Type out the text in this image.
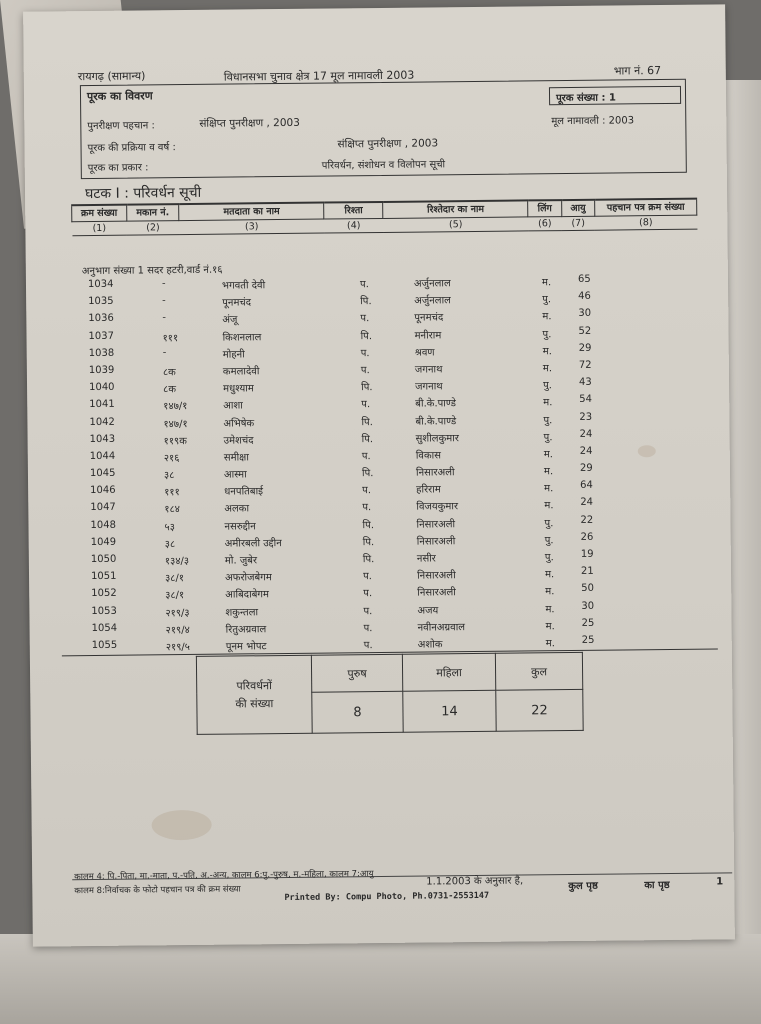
रायगढ़ (सामान्य)	विधानसभा चुनाव क्षेत्र 17 मूल नामावली 2003	भाग नं. 67
पूरक का विवरण	पूरक संख्या : 1
पुनरीक्षण पहचान :	संक्षिप्त पुनरीक्षण , 2003	मूल नामावली : 2003
पूरक की प्रक्रिया व वर्ष :	संक्षिप्त पुनरीक्षण , 2003
पूरक का प्रकार :	परिवर्धन, संशोधन व विलोपन सूची
घटक I : परिवर्धन सूची
क्रम संख्या	मकान नं.	मतदाता का नाम	रिश्ता	रिश्तेदार का नाम	लिंग	आयु	पहचान पत्र क्रम संख्या
(1)	(2)	(3)	(4)	(5)	(6)	(7)	(8)
अनुभाग संख्या 1 सदर हटरी,वार्ड नं.१६
1034	-	भगवती देवी	प.	अर्जुनलाल	म.	65
1035	-	पूनमचंद	पि.	अर्जुनलाल	पु.	46
1036	-	अंजू	प.	पूनमचंद	म.	30
1037	१११	किशनलाल	पि.	मनीराम	पु.	52
1038	-	मोहनी	प.	श्रवण	म.	29
1039	८क	कमलादेवी	प.	जगनाथ	म.	72
1040	८क	मधुश्याम	पि.	जगनाथ	पु.	43
1041	१४७/१	आशा	प.	बी.के.पाण्डे	म.	54
1042	१४७/१	अभिषेक	पि.	बी.के.पाण्डे	पु.	23
1043	११९क	उमेशचंद	पि.	सुशीलकुमार	पु.	24
1044	२१६	समीक्षा	प.	विकास	म.	24
1045	३८	आस्मा	पि.	निसारअली	म.	29
1046	१११	धनपतिबाई	प.	हरिराम	म.	64
1047	१८४	अलका	प.	विजयकुमार	म.	24
1048	५३	नसरुद्दीन	पि.	निसारअली	पु.	22
1049	३८	अमीरबली उद्दीन	पि.	निसारअली	पु.	26
1050	१३४/३	मो. जुबेर	पि.	नसीर	पु.	19
1051	३८/१	अफरोजबेगम	प.	निसारअली	म.	21
1052	३८/१	आबिदाबेगम	प.	निसारअली	म.	50
1053	२१९/३	शकुन्तला	प.	अजय	म.	30
1054	२१९/४	रितुअग्रवाल	प.	नवीनअग्रवाल	म.	25
1055	२१९/५	पूनम भोपट	प.	अशोक	म.	25
परिवर्धनों
की संख्या	पुरुष	महिला	कुल
	8	14	22
कालम 4: पि.-पिता, मा.-माता, प.-पति, अ.-अन्य, कालम 6:पु.-पुरुष, म.-महिला, कालम 7:आयु	1.1.2003 के अनुसार है,
कालम 8:निर्वाचक के फोटो पहचान पत्र की क्रम संख्या
Printed By: Compu Photo, Ph.0731-2553147
कुल पृष्ठ	का पृष्ठ	1
